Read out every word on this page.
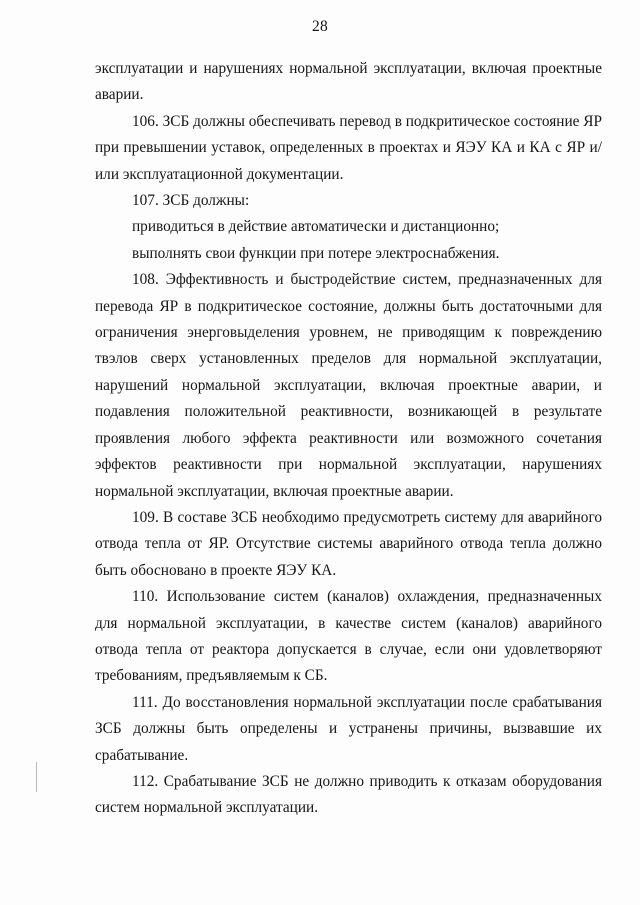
28

эксплуатации и нарушениях нормальной эксплуатации, включая проектные аварии.

106. ЗСБ должны обеспечивать перевод в подкритическое состояние ЯР при превышении уставок, определенных в проектах и ЯЭУ КА и КА с ЯР и/или эксплуатационной документации.

107. ЗСБ должны:

приводиться в действие автоматически и дистанционно;

выполнять свои функции при потере электроснабжения.

108. Эффективность и быстродействие систем, предназначенных для перевода ЯР в подкритическое состояние, должны быть достаточными для ограничения энерговыделения уровнем, не приводящим к повреждению твэлов сверх установленных пределов для нормальной эксплуатации, нарушений нормальной эксплуатации, включая проектные аварии, и подавления положительной реактивности, возникающей в результате проявления любого эффекта реактивности или возможного сочетания эффектов реактивности при нормальной эксплуатации, нарушениях нормальной эксплуатации, включая проектные аварии.

109. В составе ЗСБ необходимо предусмотреть систему для аварийного отвода тепла от ЯР. Отсутствие системы аварийного отвода тепла должно быть обосновано в проекте ЯЭУ КА.

110. Использование систем (каналов) охлаждения, предназначенных для нормальной эксплуатации, в качестве систем (каналов) аварийного отвода тепла от реактора допускается в случае, если они удовлетворяют требованиям, предъявляемым к СБ.

111. До восстановления нормальной эксплуатации после срабатывания ЗСБ должны быть определены и устранены причины, вызвавшие их срабатывание.

112. Срабатывание ЗСБ не должно приводить к отказам оборудования систем нормальной эксплуатации.
